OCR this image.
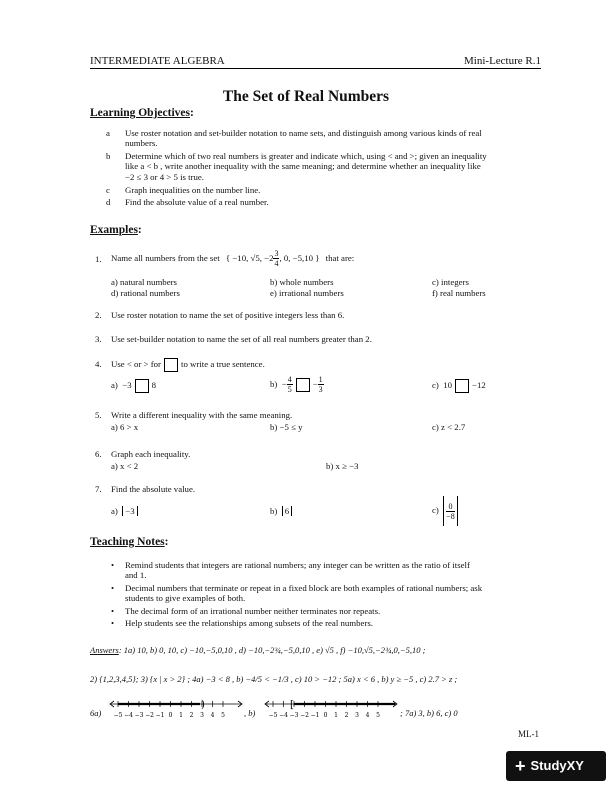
INTERMEDIATE ALGEBRA	Mini-Lecture R.1
The Set of Real Numbers
Learning Objectives:
a Use roster notation and set-builder notation to name sets, and distinguish among various kinds of real
numbers.
b Determine which of two real numbers is greater and indicate which, using < and >; given an inequality
like a < b , write another inequality with the same meaning; and determine whether an inequality like
−2 ≤ 3 or 4 > 5 is true.
c Graph inequalities on the number line.
d Find the absolute value of a real number.
Examples:
1. Name all numbers from the set { −10, √5, $-2 \frac{3}{4}$ , 0, −5,10 } that are:
a) natural numbers	b) whole numbers	c) integers
d) rational numbers	e) irrational numbers	f) real numbers
2. Use roster notation to name the set of positive integers less than 6.
3. Use set-builder notation to name the set of all real numbers greater than 2.
4. Use < or > for to write a true sentence.
a) −3 8	$b) - \frac{4}{5} - \frac{1}{3}$	c) 10 −12
5. Write a different inequality with the same meaning.
a) 6 > x	b) −5 ≤ y	c) z < 2.7
6. Graph each inequality.
a) x < 2	b) x ≥ −3
7. Find the absolute value.
a) −3	b) 6	$c) \frac{0}{-8}$
Teaching Notes:
• Remind students that integers are rational numbers; any integer can be written as the ratio of itself
and 1.
• Decimal numbers that terminate or repeat in a fixed block are both examples of rational numbers; ask
students to give examples of both.
• The decimal form of an irrational number neither terminates nor repeats.
• Help students see the relationships among subsets of the real numbers.
Answers: 1a) 10, b) 0, 10, c) −10,−5,0,10 , d) −10,−2¾,−5,0,10 , e) √5 , f) −10,√5,−2¾,0,−5,10 ;
2) {1,2,3,4,5}; 3) {x | x > 2} ; 4a) −3 < 8 , b) −4/5 < −1/3 , c) 10 > −12 ; 5a) x < 6 , b) y ≥ −5 , c) 2.7 > z ;
6a)
)
−5 −4 −3 −2 −1 0 1 2 3 4 5 , b)
[
−5 −4 −3 −2 −1 0 1 2 3 4 5 ; 7a) 3, b) 6, c) 0
ML-1
+ StudyXY
